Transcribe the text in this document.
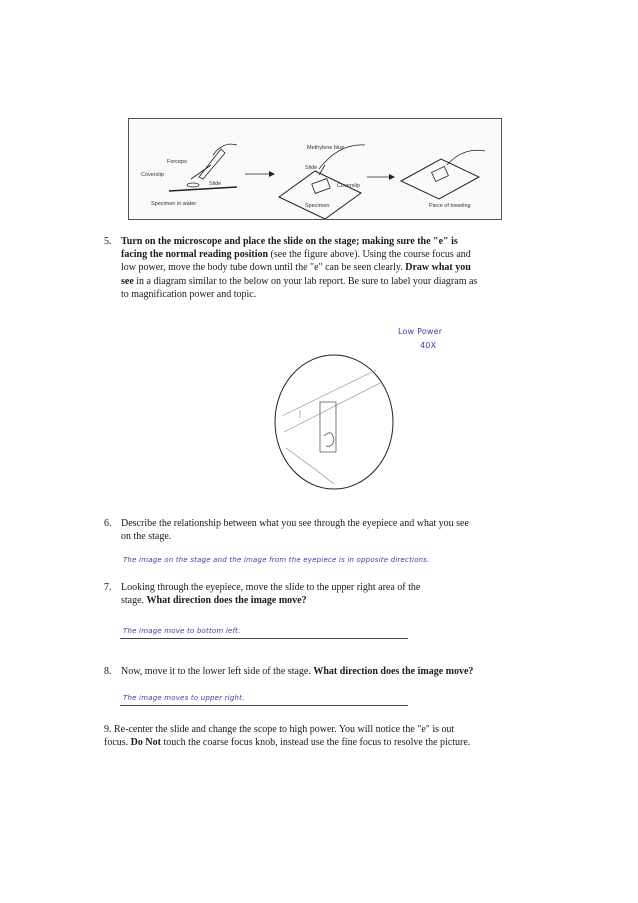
Forceps
Coverslip
Slide
Specimen in water
Methylene blue
Slide
Coverslip
Specimen	Piece of toweling
5. Turn on the microscope and place the slide on the stage; making sure the "e" is
facing the normal reading position (see the figure above). Using the course focus and
low power, move the body tube down until the "e" can be seen clearly. Draw what you
see in a diagram similar to the below on your lab report. Be sure to label your diagram as
to magnification power and topic.
Low Power
40X
6. Describe the relationship between what you see through the eyepiece and what you see
on the stage.
The image on the stage and the image from the eyepiece is in opposite directions.
7. Looking through the eyepiece, move the slide to the upper right area of the
stage. What direction does the image move?
The image move to bottom left.
8. Now, move it to the lower left side of the stage. What direction does the image move?
The image moves to upper right.
9. Re-center the slide and change the scope to high power. You will notice the "e" is out
focus. Do Not touch the coarse focus knob, instead use the fine focus to resolve the picture.
